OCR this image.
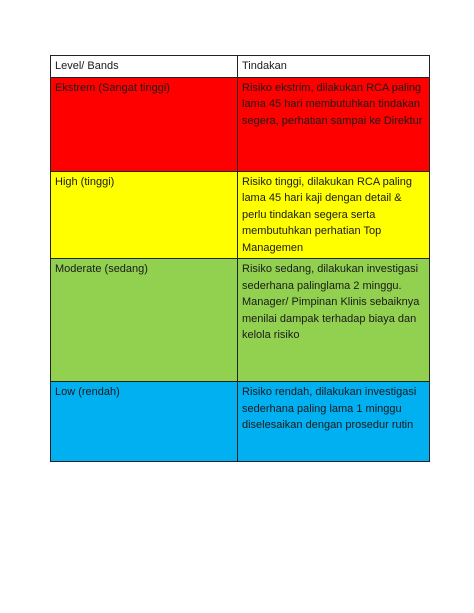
Level/ Bands	Tindakan
Ekstrem (Sangat tinggi)	Risiko ekstrim, dilakukan RCA paling lama 45 hari membutuhkan tindakan segera, perhatian sampai ke Direktur
High (tinggi)	Risiko tinggi, dilakukan RCA paling lama 45 hari kaji dengan detail & perlu tindakan segera serta membutuhkan perhatian Top Managemen
Moderate (sedang)	Risiko sedang, dilakukan investigasi sederhana palinglama 2 minggu. Manager/ Pimpinan Klinis sebaiknya menilai dampak terhadap biaya dan kelola risiko
Low (rendah)	Risiko rendah, dilakukan investigasi sederhana paling lama 1 minggu diselesaikan dengan prosedur rutin
